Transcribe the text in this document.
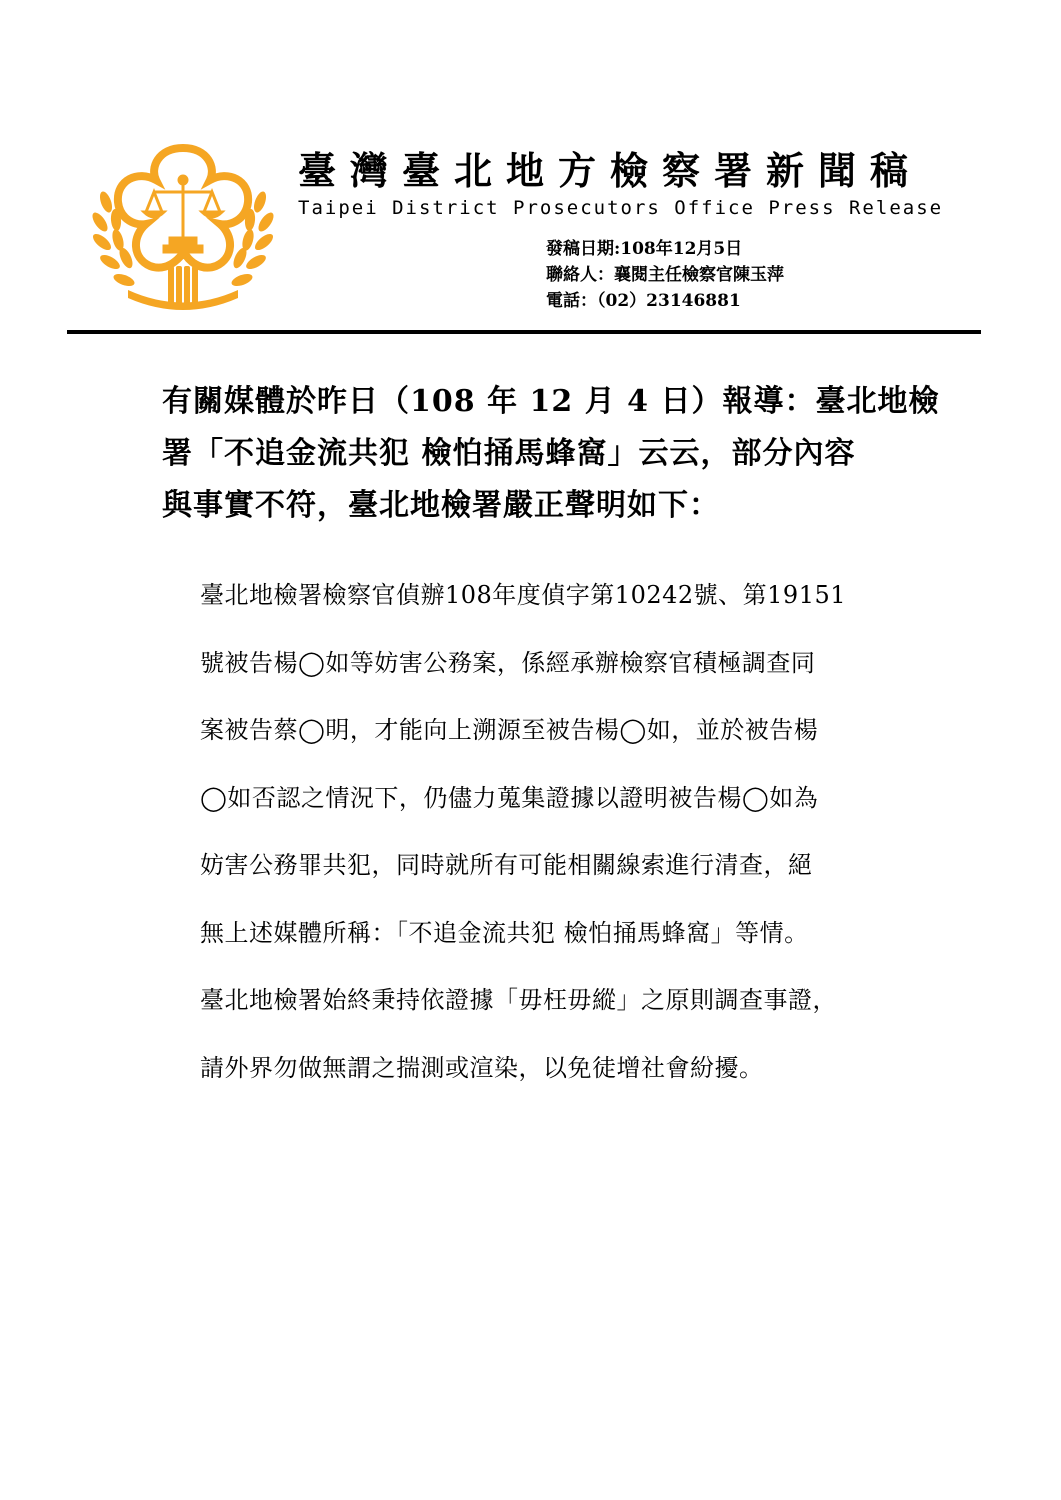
臺灣臺北地方檢察署新聞稿
Taipei District Prosecutors Office Press Release
發稿日期:108年12月5日
聯絡人：襄閱主任檢察官陳玉萍
電話：（02）23146881
有關媒體於昨日（108 年 12 月 4 日）報導：臺北地檢
署「不追金流共犯 檢怕捅馬蜂窩」云云，部分內容
與事實不符，臺北地檢署嚴正聲明如下：
臺北地檢署檢察官偵辦108年度偵字第10242號、第19151
號被告楊◯如等妨害公務案，係經承辦檢察官積極調查同
案被告蔡◯明，才能向上溯源至被告楊◯如，並於被告楊
◯如否認之情況下，仍儘力蒐集證據以證明被告楊◯如為
妨害公務罪共犯，同時就所有可能相關線索進行清查，絕
無上述媒體所稱：「不追金流共犯 檢怕捅馬蜂窩」等情。
臺北地檢署始終秉持依證據「毋枉毋縱」之原則調查事證，
請外界勿做無謂之揣測或渲染，以免徒增社會紛擾。
